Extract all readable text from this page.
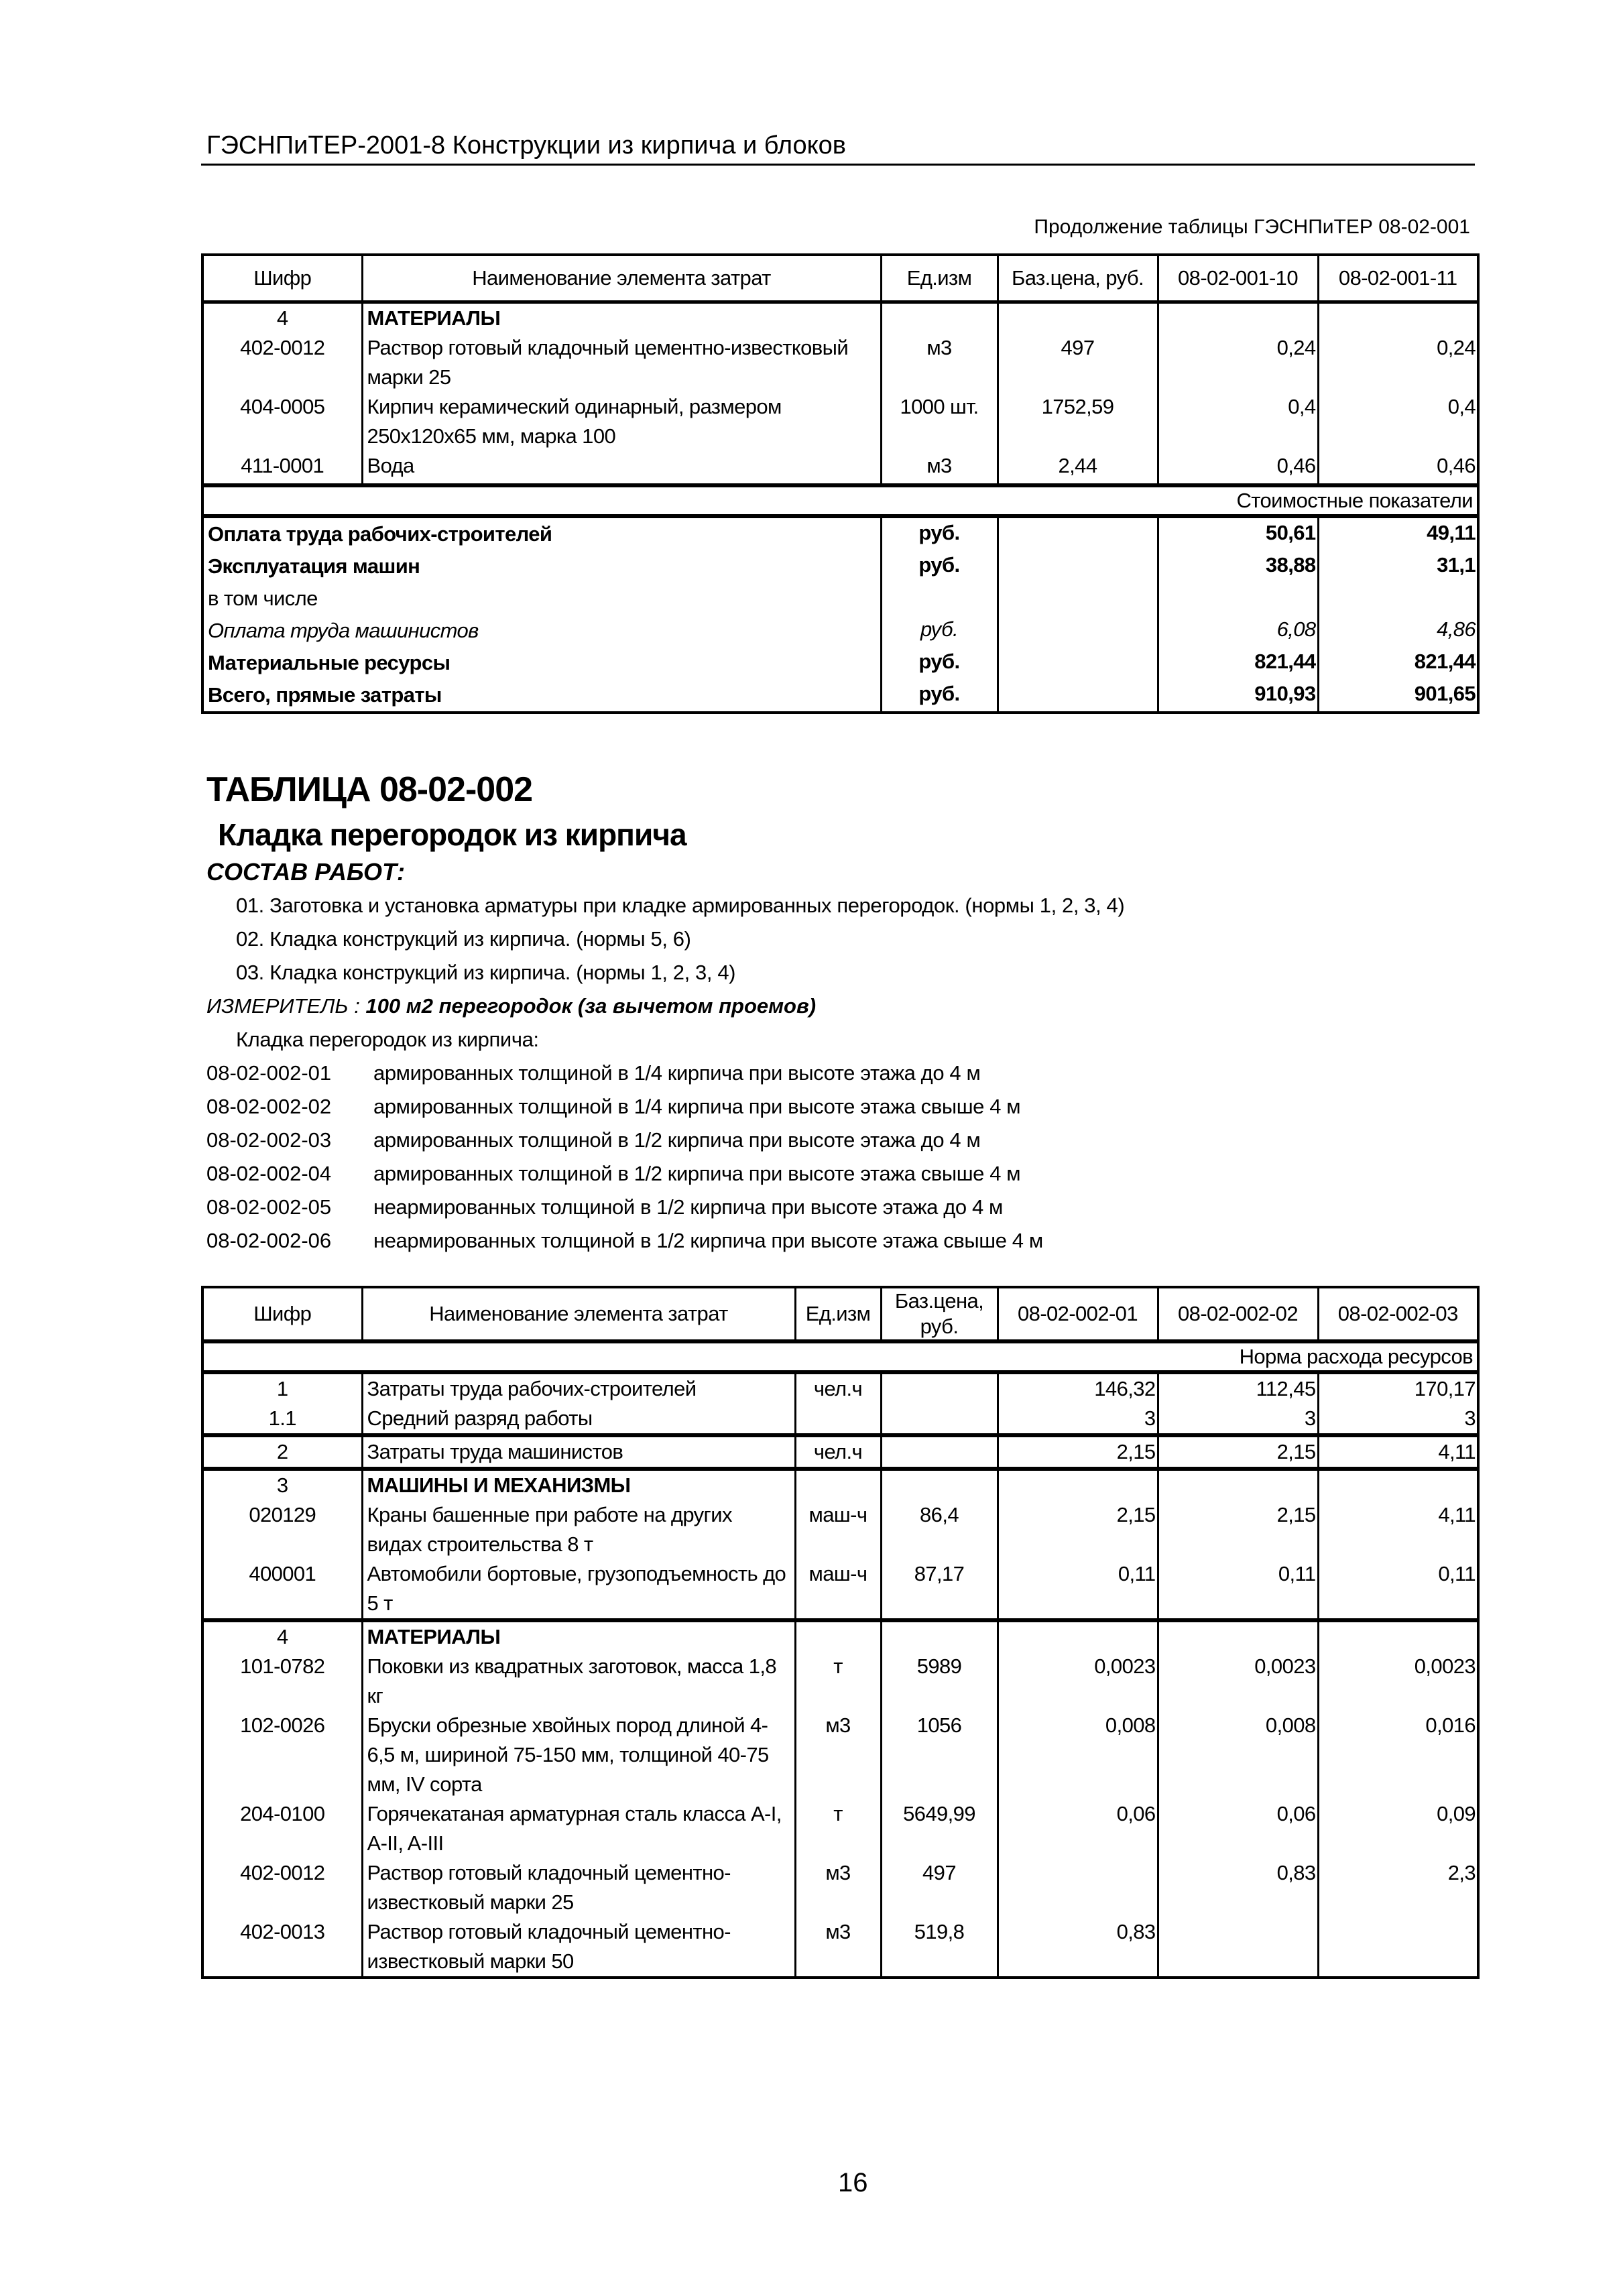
ГЭСНПиТЕР-2001-8 Конструкции из кирпича и блоков
Продолжение таблицы ГЭСНПиТЕР 08-02-001
Шифр	Наименование элемента затрат	Ед.изм	Баз.цена, руб.	08-02-001-10	08-02-001-11
4	МАТЕРИАЛЫ				
402-0012	Раствор готовый кладочный цементно-известковый марки 25	м3	497	0,24	0,24
404-0005	Кирпич керамический одинарный, размером 250х120х65 мм, марка 100	1000 шт.	1752,59	0,4	0,4
411-0001	Вода	м3	2,44	0,46	0,46
Стоимостные показатели					
Оплата труда рабочих-строителей		руб.		50,61	49,11
Эксплуатация машин		руб.		38,88	31,1
в том числе					
Оплата труда машинистов		руб.		6,08	4,86
Материальные ресурсы		руб.		821,44	821,44
Всего, прямые затраты		руб.		910,93	901,65
ТАБЛИЦА 08-02-002
Кладка перегородок из кирпича
СОСТАВ РАБОТ:
01. Заготовка и установка арматуры при кладке армированных перегородок. (нормы 1, 2, 3, 4)
02. Кладка конструкций из кирпича. (нормы 5, 6)
03. Кладка конструкций из кирпича. (нормы 1, 2, 3, 4)
ИЗМЕРИТЕЛЬ : 100 м2 перегородок (за вычетом проемов)
Кладка перегородок из кирпича:
08-02-002-01 армированных толщиной в 1/4 кирпича при высоте этажа до 4 м
08-02-002-02 армированных толщиной в 1/4 кирпича при высоте этажа свыше 4 м
08-02-002-03 армированных толщиной в 1/2 кирпича при высоте этажа до 4 м
08-02-002-04 армированных толщиной в 1/2 кирпича при высоте этажа свыше 4 м
08-02-002-05 неармированных толщиной в 1/2 кирпича при высоте этажа до 4 м
08-02-002-06 неармированных толщиной в 1/2 кирпича при высоте этажа свыше 4 м
Шифр	Наименование элемента затрат	Ед.изм	Баз.цена, руб.	08-02-002-01	08-02-002-02	08-02-002-03
Норма расхода ресурсов						
1	Затраты труда рабочих-строителей	чел.ч		146,32	112,45	170,17
1.1	Средний разряд работы			3	3	3
2	Затраты труда машинистов	чел.ч		2,15	2,15	4,11
3	МАШИНЫ И МЕХАНИЗМЫ					
020129	Краны башенные при работе на других видах строительства 8 т	маш-ч	86,4	2,15	2,15	4,11
400001	Автомобили бортовые, грузоподъемность до 5 т	маш-ч	87,17	0,11	0,11	0,11
4	МАТЕРИАЛЫ					
101-0782	Поковки из квадратных заготовок, масса 1,8 кг	т	5989	0,0023	0,0023	0,0023
102-0026	Бруски обрезные хвойных пород длиной 4-6,5 м, шириной 75-150 мм, толщиной 40-75 мм, IV сорта	м3	1056	0,008	0,008	0,016
204-0100	Горячекатаная арматурная сталь класса A-I, A-II, A-III	т	5649,99	0,06	0,06	0,09
402-0012	Раствор готовый кладочный цементно-известковый марки 25	м3	497		0,83	2,3
402-0013	Раствор готовый кладочный цементно-известковый марки 50	м3	519,8	0,83		
16
